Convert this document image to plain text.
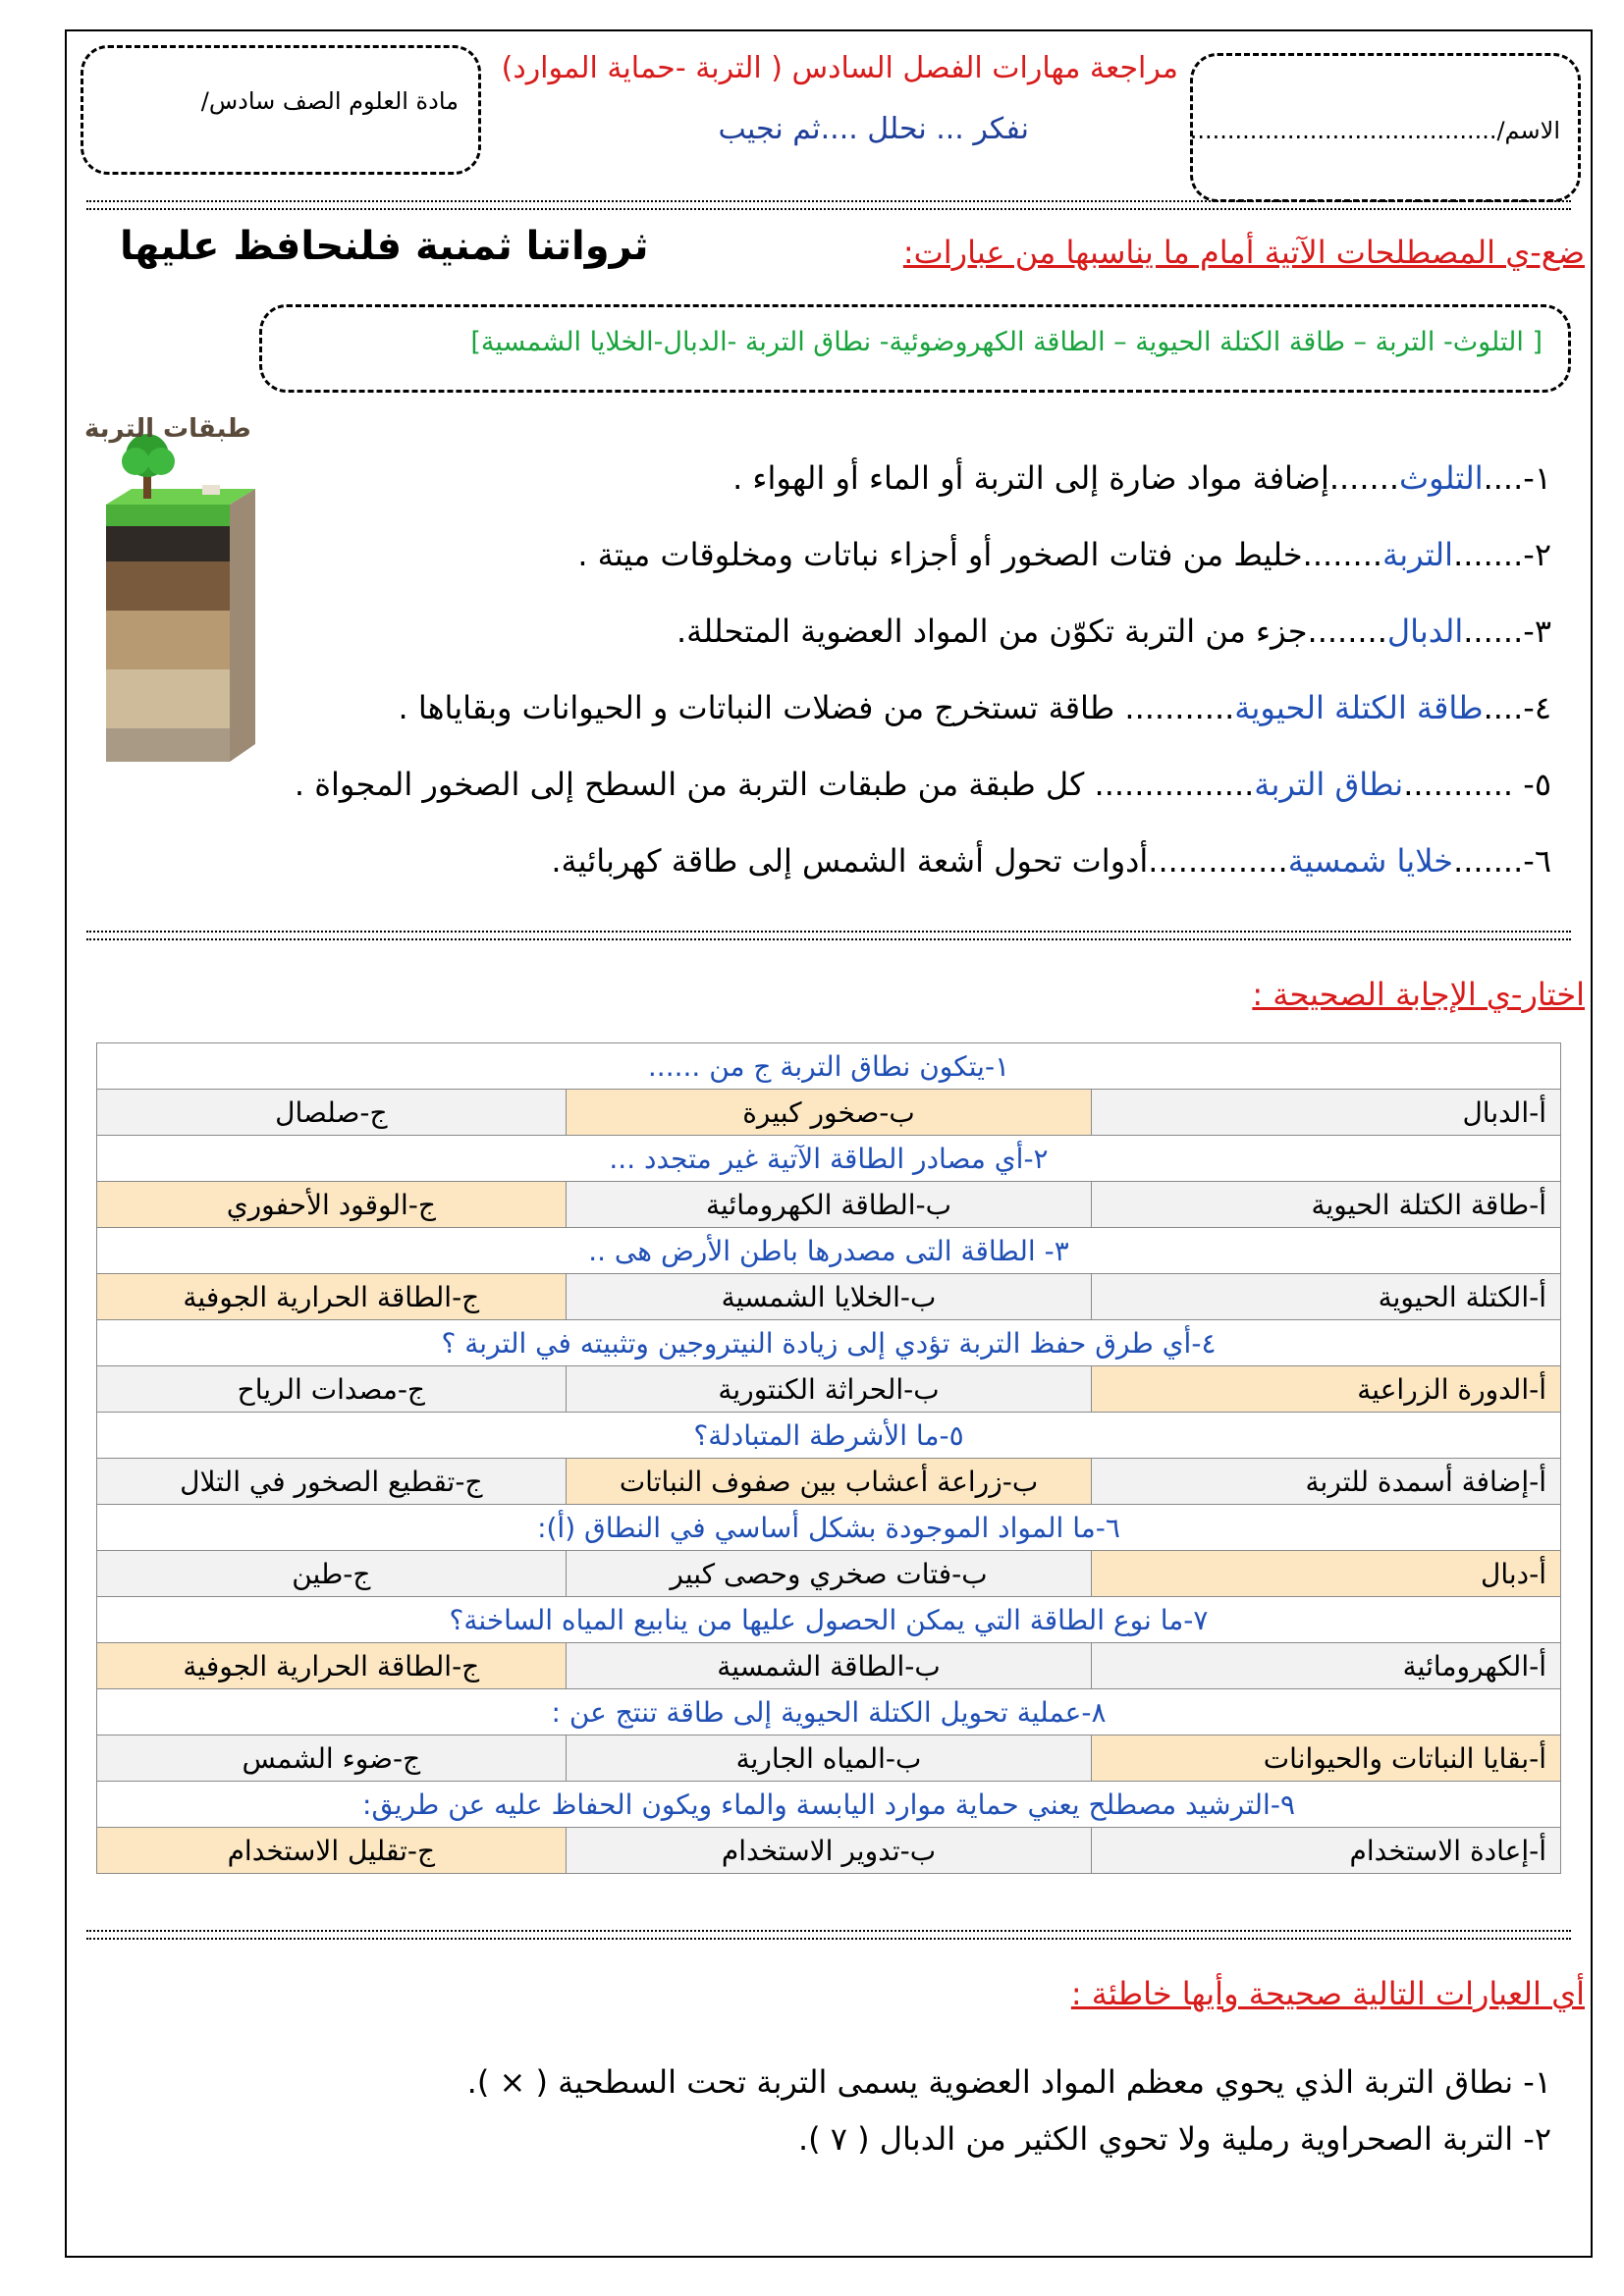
مادة العلوم الصف سادس/
الاسم/.........................................
مراجعة مهارات الفصل السادس ( التربة -حماية الموارد)
نفكر ... نحلل ....ثم نجيب
ضع-ي المصطلحات الآتية أمام ما يناسبها من عبارات:
ثرواتنا ثمنية فلنحافظ عليها
[ التلوث- التربة – طاقة الكتلة الحيوية – الطاقة الكهروضوئية- نطاق التربة -الدبال-الخلايا الشمسية]
طبقات التربة
١-....التلوث.......إضافة مواد ضارة إلى التربة أو الماء أو الهواء .
٢-.......التربة........خليط من فتات الصخور أو أجزاء نباتات ومخلوقات ميتة .
٣-......الدبال........جزء من التربة تكوّن من المواد العضوية المتحللة.
٤-....طاقة الكتلة الحيوية........... طاقة تستخرج من فضلات النباتات و الحيوانات وبقاياها .
٥- ...........نطاق التربة................ كل طبقة من طبقات التربة من السطح إلى الصخور المجواة .
٦-.......خلايا شمسية..............أدوات تحول أشعة الشمس إلى طاقة كهربائية.
اختار-ي الإجابة الصحيحة :
١-يتكون نطاق التربة ج من ......		
أ-الدبال	ب-صخور كبيرة	ج-صلصال
٢-أي مصادر الطاقة الآتية غير متجدد ...		
أ-طاقة الكتلة الحيوية	ب-الطاقة الكهرومائية	ج-الوقود الأحفوري
٣- الطاقة التى مصدرها باطن الأرض هى ..		
أ-الكتلة الحيوية	ب-الخلايا الشمسية	ج-الطاقة الحرارية الجوفية
٤-أي طرق حفظ التربة تؤدي إلى زيادة النيتروجين وتثبيته في التربة ؟		
أ-الدورة الزراعية	ب-الحراثة الكنتورية	ج-مصدات الرياح
٥-ما الأشرطة المتبادلة؟		
أ-إضافة أسمدة للتربة	ب-زراعة أعشاب بين صفوف النباتات	ج-تقطيع الصخور في التلال
٦-ما المواد الموجودة بشكل أساسي في النطاق (أ):		
أ-دبال	ب-فتات صخري وحصى كبير	ج-طين
٧-ما نوع الطاقة التي يمكن الحصول عليها من ينابيع المياه الساخنة؟		
أ-الكهرومائية	ب-الطاقة الشمسية	ج-الطاقة الحرارية الجوفية
٨-عملية تحويل الكتلة الحيوية إلى طاقة تنتج عن :		
أ-بقايا النباتات والحيوانات	ب-المياه الجارية	ج-ضوء الشمس
٩-الترشيد مصطلح يعني حماية موارد اليابسة والماء ويكون الحفاظ عليه عن طريق:		
أ-إعادة الاستخدام	ب-تدوير الاستخدام	ج-تقليل الاستخدام
أي العبارات التالية صحيحة وأيها خاطئة :
١- نطاق التربة الذي يحوي معظم المواد العضوية يسمى التربة تحت السطحية ( × ).
٢- التربة الصحراوية رملية ولا تحوي الكثير من الدبال ( ٧ ).
